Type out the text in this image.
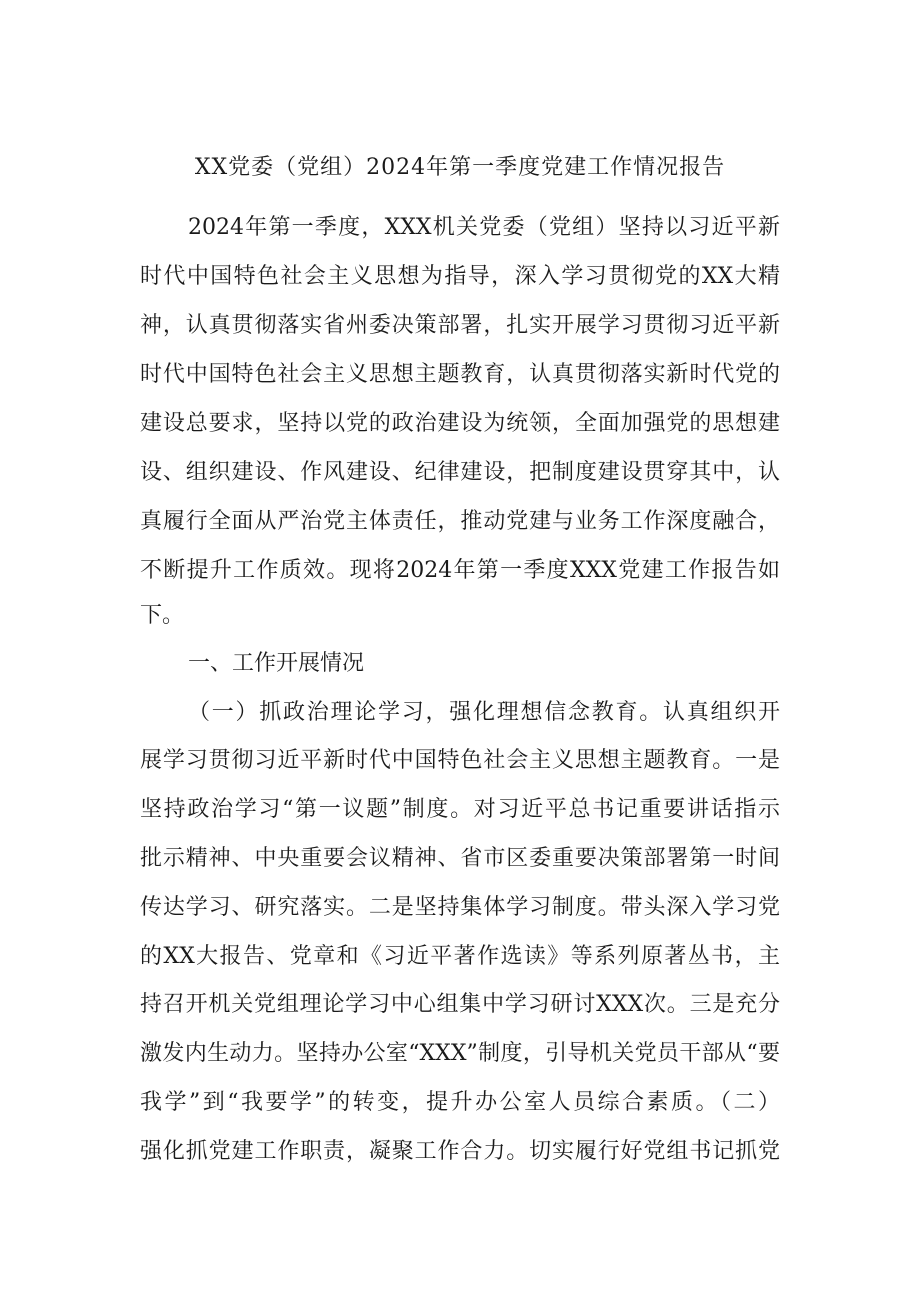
XX党委（党组）2024年第一季度党建工作情况报告
2024年第一季度，XXX机关党委（党组）坚持以习近平新
时代中国特色社会主义思想为指导，深入学习贯彻党的XX大精
神，认真贯彻落实省州委决策部署，扎实开展学习贯彻习近平新
时代中国特色社会主义思想主题教育，认真贯彻落实新时代党的
建设总要求，坚持以党的政治建设为统领，全面加强党的思想建
设、组织建设、作风建设、纪律建设，把制度建设贯穿其中，认
真履行全面从严治党主体责任，推动党建与业务工作深度融合，
不断提升工作质效。现将2024年第一季度XXX党建工作报告如
下。
一、工作开展情况
（一）抓政治理论学习，强化理想信念教育。认真组织开
展学习贯彻习近平新时代中国特色社会主义思想主题教育。一是
坚持政治学习“第一议题”制度。对习近平总书记重要讲话指示
批示精神、中央重要会议精神、省市区委重要决策部署第一时间
传达学习、研究落实。二是坚持集体学习制度。带头深入学习党
的XX大报告、党章和《习近平著作选读》等系列原著丛书，主
持召开机关党组理论学习中心组集中学习研讨XXX次。三是充分
激发内生动力。坚持办公室“XXX”制度，引导机关党员干部从“要
我学”到“我要学”的转变，提升办公室人员综合素质。（二）
强化抓党建工作职责，凝聚工作合力。切实履行好党组书记抓党
